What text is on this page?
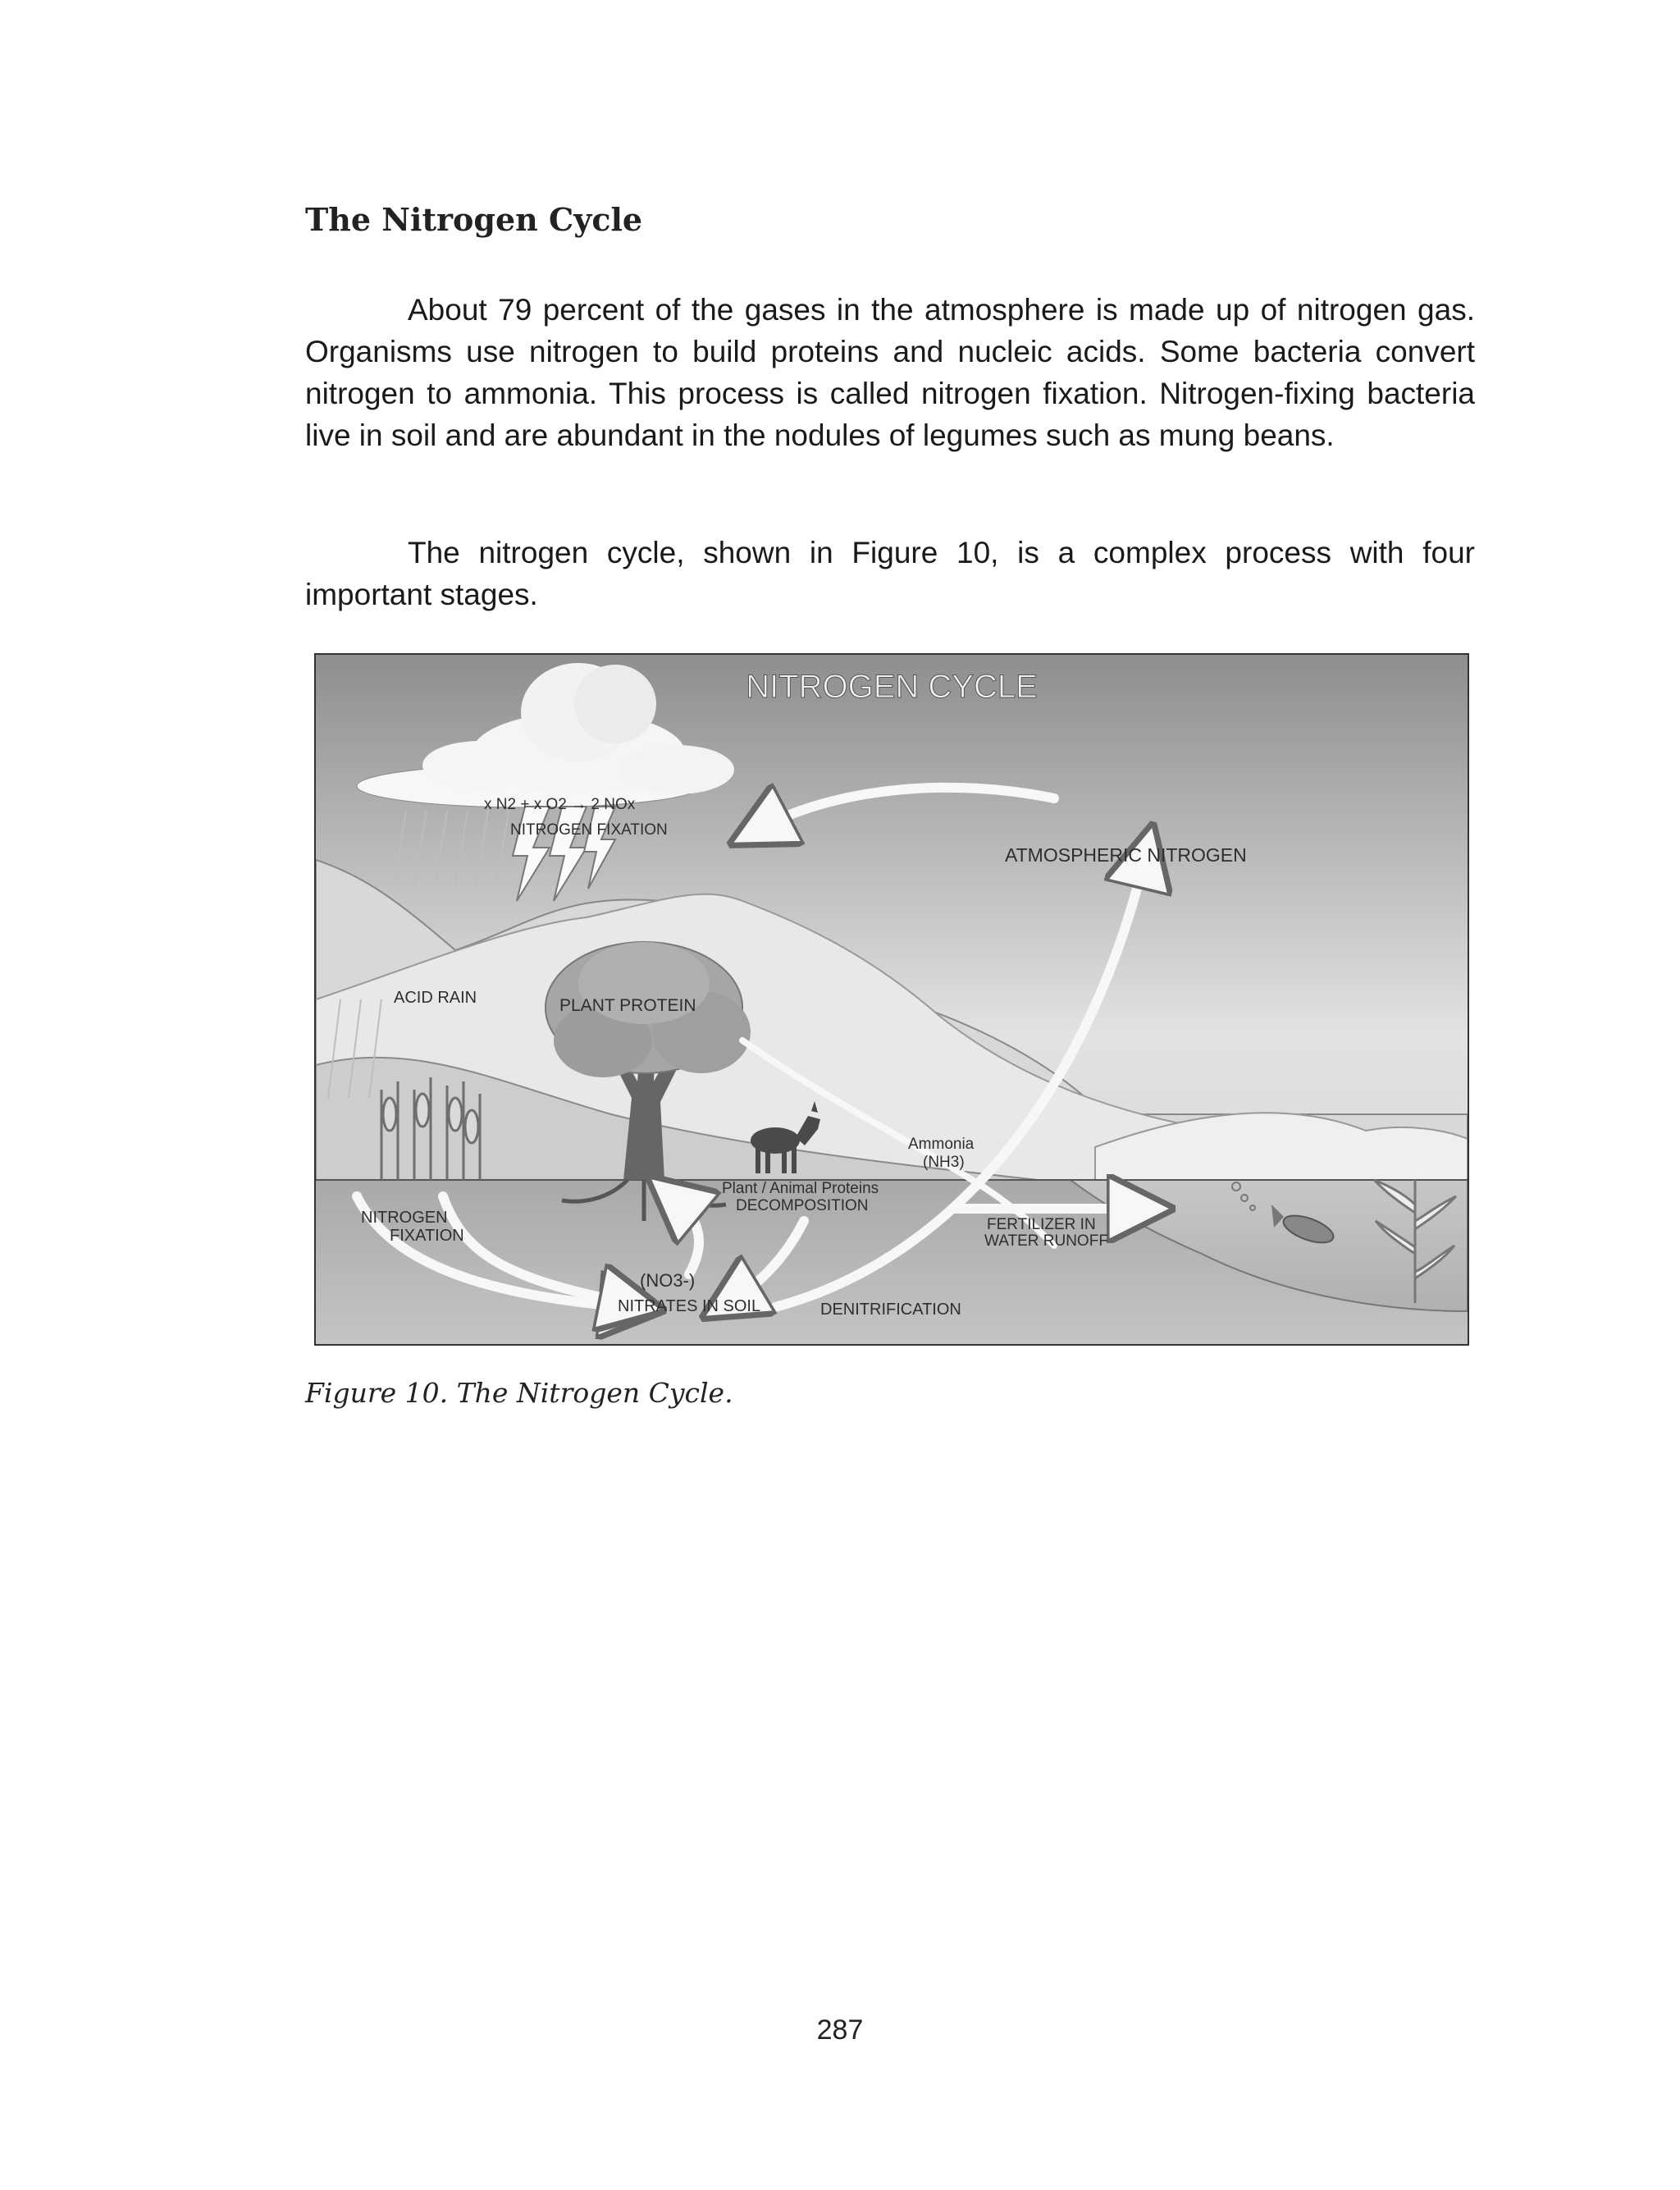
The Nitrogen Cycle

About 79 percent of the gases in the atmosphere is made up of nitrogen gas. Organisms use nitrogen to build proteins and nucleic acids. Some bacteria convert nitrogen to ammonia. This process is called nitrogen fixation. Nitrogen-fixing bacteria live in soil and are abundant in the nodules of legumes such as mung beans.

The nitrogen cycle, shown in Figure 10, is a complex process with four important stages.

NITROGEN CYCLE
x N2 + x O2 → 2 NOx
NITROGEN FIXATION
ATMOSPHERIC NITROGEN
ACID RAIN	PLANT PROTEIN
Ammonia
(NH3)
Plant / Animal Proteins
DECOMPOSITION
NITROGEN
FIXATION
FERTILIZER IN
WATER RUNOFF
(NO3-)
NITRATES IN SOIL	DENITRIFICATION
Figure 10. The Nitrogen Cycle.
287
